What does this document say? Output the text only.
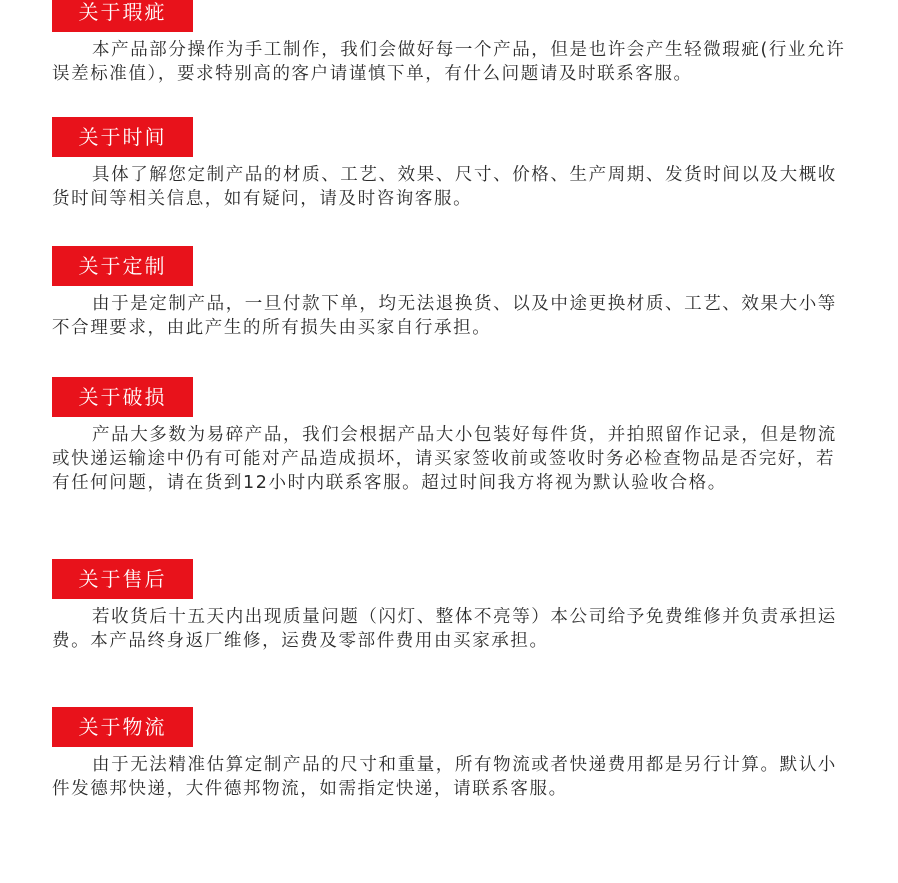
关于瑕疵

本产品部分操作为手工制作，我们会做好每一个产品，但是也许会产生轻微瑕疵(行业允许误差标准值），要求特别高的客户请谨慎下单，有什么问题请及时联系客服。

关于时间

具体了解您定制产品的材质、工艺、效果、尺寸、价格、生产周期、发货时间以及大概收货时间等相关信息，如有疑问，请及时咨询客服。

关于定制

由于是定制产品，一旦付款下单，均无法退换货、以及中途更换材质、工艺、效果大小等不合理要求，由此产生的所有损失由买家自行承担。

关于破损

产品大多数为易碎产品，我们会根据产品大小包装好每件货，并拍照留作记录，但是物流或快递运输途中仍有可能对产品造成损坏，请买家签收前或签收时务必检查物品是否完好，若有任何问题，请在货到12小时内联系客服。超过时间我方将视为默认验收合格。

关于售后

若收货后十五天内出现质量问题（闪灯、整体不亮等）本公司给予免费维修并负责承担运费。本产品终身返厂维修，运费及零部件费用由买家承担。

关于物流

由于无法精准估算定制产品的尺寸和重量，所有物流或者快递费用都是另行计算。默认小件发德邦快递，大件德邦物流，如需指定快递，请联系客服。
